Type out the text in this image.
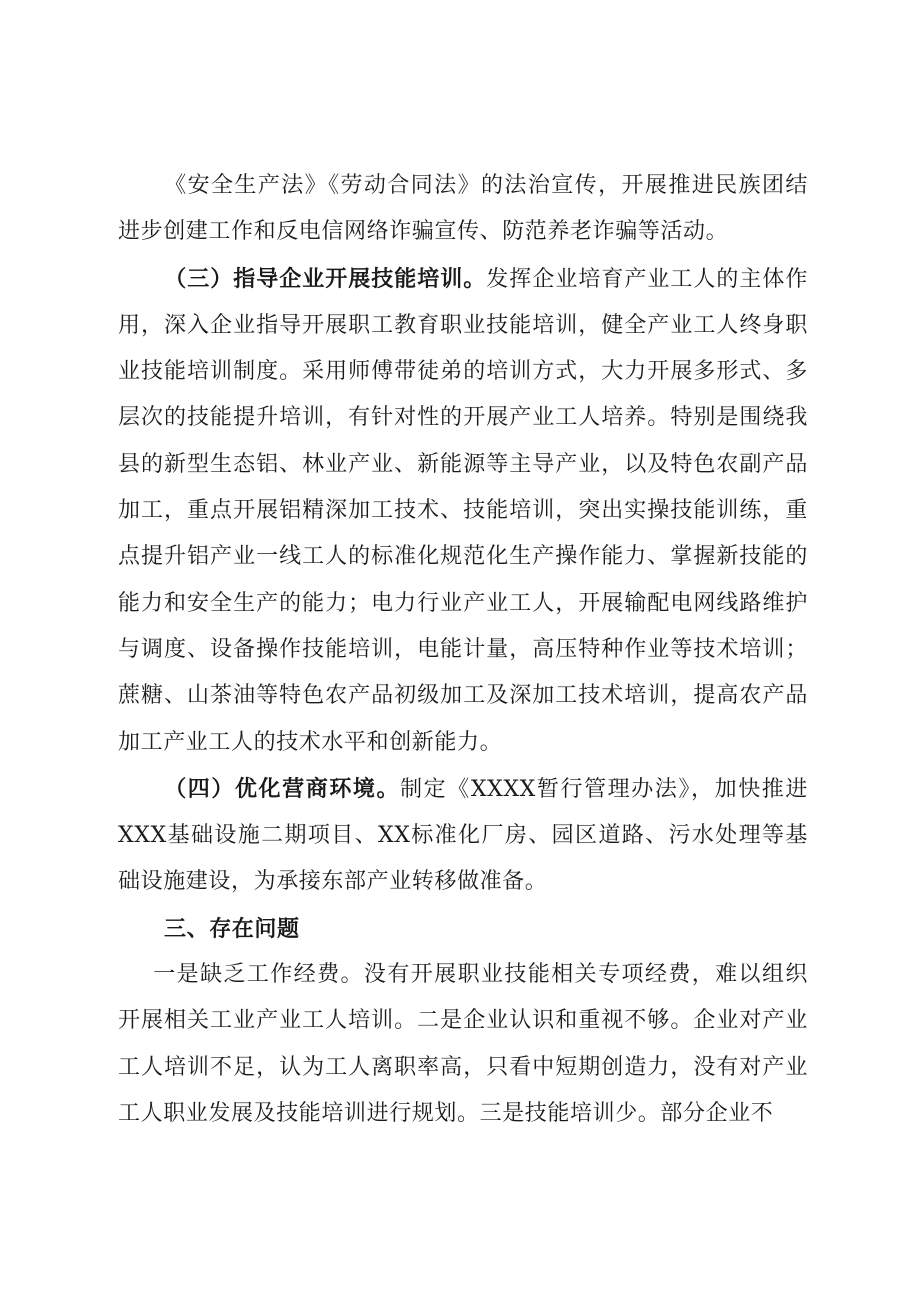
《安全生产法》《劳动合同法》的法治宣传，开展推进民族团结进步创建工作和反电信网络诈骗宣传、防范养老诈骗等活动。

（三）指导企业开展技能培训。发挥企业培育产业工人的主体作用，深入企业指导开展职工教育职业技能培训，健全产业工人终身职业技能培训制度。采用师傅带徒弟的培训方式，大力开展多形式、多层次的技能提升培训，有针对性的开展产业工人培养。特别是围绕我县的新型生态铝、林业产业、新能源等主导产业，以及特色农副产品加工，重点开展铝精深加工技术、技能培训，突出实操技能训练，重点提升铝产业一线工人的标准化规范化生产操作能力、掌握新技能的能力和安全生产的能力；电力行业产业工人，开展输配电网线路维护与调度、设备操作技能培训，电能计量，高压特种作业等技术培训；蔗糖、山茶油等特色农产品初级加工及深加工技术培训，提高农产品加工产业工人的技术水平和创新能力。

（四）优化营商环境。制定《XXXX暂行管理办法》，加快推进XXX基础设施二期项目、XX标准化厂房、园区道路、污水处理等基础设施建设，为承接东部产业转移做准备。

三、存在问题

一是缺乏工作经费。没有开展职业技能相关专项经费，难以组织开展相关工业产业工人培训。二是企业认识和重视不够。企业对产业工人培训不足，认为工人离职率高，只看中短期创造力，没有对产业工人职业发展及技能培训进行规划。三是技能培训少。部分企业不
